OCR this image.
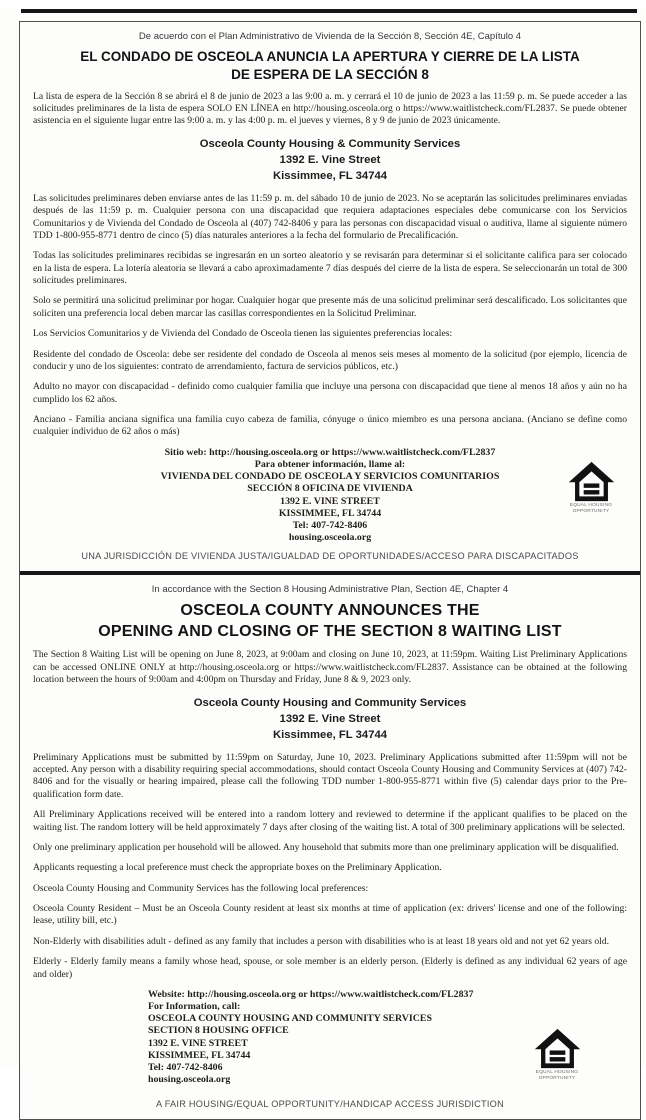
De acuerdo con el Plan Administrativo de Vivienda de la Sección 8, Sección 4E, Capítulo 4

EL CONDADO DE OSCEOLA ANUNCIA LA APERTURA Y CIERRE DE LA LISTA
DE ESPERA DE LA SECCIÓN 8

La lista de espera de la Sección 8 se abrirá el 8 de junio de 2023 a las 9:00 a. m. y cerrará el 10 de junio de 2023 a las 11:59 p. m. Se puede acceder a las solicitudes preliminares de la lista de espera SOLO EN LÍNEA en http://housing.osceola.org o https://www.waitlistcheck.com/FL2837. Se puede obtener asistencia en el siguiente lugar entre las 9:00 a. m. y las 4:00 p. m. el jueves y viernes, 8 y 9 de junio de 2023 únicamente.

Osceola County Housing & Community Services
1392 E. Vine Street
Kissimmee, FL 34744

Las solicitudes preliminares deben enviarse antes de las 11:59 p. m. del sábado 10 de junio de 2023. No se aceptarán las solicitudes preliminares enviadas después de las 11:59 p. m. Cualquier persona con una discapacidad que requiera adaptaciones especiales debe comunicarse con los Servicios Comunitarios y de Vivienda del Condado de Osceola al (407) 742-8406 y para las personas con discapacidad visual o auditiva, llame al siguiente número TDD 1-800-955-8771 dentro de cinco (5) días naturales anteriores a la fecha del formulario de Precalificación.

Todas las solicitudes preliminares recibidas se ingresarán en un sorteo aleatorio y se revisarán para determinar si el solicitante califica para ser colocado en la lista de espera. La lotería aleatoria se llevará a cabo aproximadamente 7 días después del cierre de la lista de espera. Se seleccionarán un total de 300 solicitudes preliminares.

Solo se permitirá una solicitud preliminar por hogar. Cualquier hogar que presente más de una solicitud preliminar será descalificado. Los solicitantes que soliciten una preferencia local deben marcar las casillas correspondientes en la Solicitud Preliminar.

Los Servicios Comunitarios y de Vivienda del Condado de Osceola tienen las siguientes preferencias locales:

Residente del condado de Osceola: debe ser residente del condado de Osceola al menos seis meses al momento de la solicitud (por ejemplo, licencia de conducir y uno de los siguientes: contrato de arrendamiento, factura de servicios públicos, etc.)

Adulto no mayor con discapacidad - definido como cualquier familia que incluye una persona con discapacidad que tiene al menos 18 años y aún no ha cumplido los 62 años.

Anciano - Familia anciana significa una familia cuyo cabeza de familia, cónyuge o único miembro es una persona anciana. (Anciano se define como cualquier individuo de 62 años o más)

Sitio web: http://housing.osceola.org or https://www.waitlistcheck.com/FL2837
Para obtener información, llame al:
VIVIENDA DEL CONDADO DE OSCEOLA Y SERVICIOS COMUNITARIOS
SECCIÓN 8 OFICINA DE VIVIENDA
1392 E. VINE STREET
KISSIMMEE, FL 34744
Tel: 407-742-8406
housing.osceola.org
EQUAL HOUSING
OPPORTUNITY

UNA JURISDICCIÓN DE VIVIENDA JUSTA/IGUALDAD DE OPORTUNIDADES/ACCESO PARA DISCAPACITADOS

In accordance with the Section 8 Housing Administrative Plan, Section 4E, Chapter 4

OSCEOLA COUNTY ANNOUNCES THE
OPENING AND CLOSING OF THE SECTION 8 WAITING LIST

The Section 8 Waiting List will be opening on June 8, 2023, at 9:00am and closing on June 10, 2023, at 11:59pm. Waiting List Preliminary Applications can be accessed ONLINE ONLY at http://housing.osceola.org or https://www.waitlistcheck.com/FL2837. Assistance can be obtained at the following location between the hours of 9:00am and 4:00pm on Thursday and Friday, June 8 & 9, 2023 only.

Osceola County Housing and Community Services
1392 E. Vine Street
Kissimmee, FL 34744

Preliminary Applications must be submitted by 11:59pm on Saturday, June 10, 2023. Preliminary Applications submitted after 11:59pm will not be accepted. Any person with a disability requiring special accommodations, should contact Osceola County Housing and Community Services at (407) 742-8406 and for the visually or hearing impaired, please call the following TDD number 1-800-955-8771 within five (5) calendar days prior to the Pre-qualification form date.

All Preliminary Applications received will be entered into a random lottery and reviewed to determine if the applicant qualifies to be placed on the waiting list. The random lottery will be held approximately 7 days after closing of the waiting list. A total of 300 preliminary applications will be selected.

Only one preliminary application per household will be allowed. Any household that submits more than one preliminary application will be disqualified.

Applicants requesting a local preference must check the appropriate boxes on the Preliminary Application.

Osceola County Housing and Community Services has the following local preferences:

Osceola County Resident – Must be an Osceola County resident at least six months at time of application (ex: drivers' license and one of the following: lease, utility bill, etc.)

Non-Elderly with disabilities adult - defined as any family that includes a person with disabilities who is at least 18 years old and not yet 62 years old.

Elderly - Elderly family means a family whose head, spouse, or sole member is an elderly person. (Elderly is defined as any individual 62 years of age and older)

Website: http://housing.osceola.org or https://www.waitlistcheck.com/FL2837
For Information, call:
OSCEOLA COUNTY HOUSING AND COMMUNITY SERVICES
SECTION 8 HOUSING OFFICE
1392 E. VINE STREET
KISSIMMEE, FL 34744
Tel: 407-742-8406
housing.osceola.org
EQUAL HOUSING
OPPORTUNITY

A FAIR HOUSING/EQUAL OPPORTUNITY/HANDICAP ACCESS JURISDICTION
